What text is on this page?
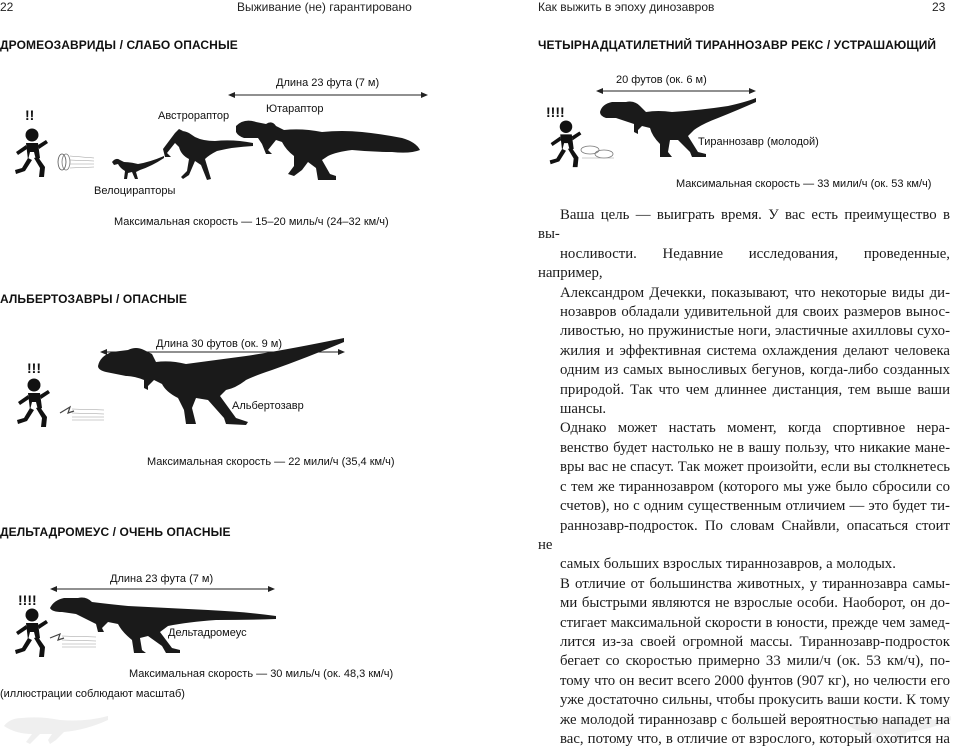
22	Выживание (не) гарантировано	Как выжить в эпоху динозавров	23
ДРОМЕОЗАВРИДЫ / СЛАБО ОПАСНЫЕ
Длина 23 фута (7 м)
Австрораптор
Ютараптор
!!
Велоцирапторы
Максимальная скорость — 15–20 миль/ч (24–32 км/ч)
АЛЬБЕРТОЗАВРЫ / ОПАСНЫЕ
Длина 30 футов (ок. 9 м)
!!!
Альбертозавр
Максимальная скорость — 22 мили/ч (35,4 км/ч)
ДЕЛЬТАДРОМЕУС / ОЧЕНЬ ОПАСНЫЕ
Длина 23 фута (7 м)
!!!!
Дельтадромеус
Максимальная скорость — 30 миль/ч (ок. 48,3 км/ч)
(иллюстрации соблюдают масштаб)
ЧЕТЫРНАДЦАТИЛЕТНИЙ ТИРАННОЗАВР РЕКС / УСТРАШАЮЩИЙ
20 футов (ок. 6 м)
!!!!
Тираннозавр (молодой)
Максимальная скорость — 33 мили/ч (ок. 53 км/ч)

Ваша цель — выиграть время. У вас есть преимущество в вы-
носливости. Недавние исследования, проведенные, например,
Александром Дечекки, показывают, что некоторые виды ди-
нозавров обладали удивительной для своих размеров вынос-
ливостью, но пружинистые ноги, эластичные ахилловы сухо-
жилия и эффективная система охлаждения делают человека
одним из самых выносливых бегунов, когда-либо созданных
природой. Так что чем длиннее дистанция, тем выше ваши
шансы.

Однако может настать момент, когда спортивное нера-
венство будет настолько не в вашу пользу, что никакие мане-
вры вас не спасут. Так может произойти, если вы столкнетесь
с тем же тираннозавром (которого мы уже было сбросили со
счетов), но с одним существенным отличием — это будет ти-
раннозавр-подросток. По словам Снайвли, опасаться стоит не
самых больших взрослых тираннозавров, а молодых.

В отличие от большинства животных, у тираннозавра самы-
ми быстрыми являются не взрослые особи. Наоборот, он до-
стигает максимальной скорости в юности, прежде чем замед-
лится из-за своей огромной массы. Тираннозавр-подросток
бегает со скоростью примерно 33 мили/ч (ок. 53 км/ч), по-
тому что он весит всего 2000 фунтов (907 кг), но челюсти его
уже достаточно сильны, чтобы прокусить ваши кости. К тому
же молодой тираннозавр с большей вероятностью нападет на
вас, потому что, в отличие от взрослого, который охотится на
